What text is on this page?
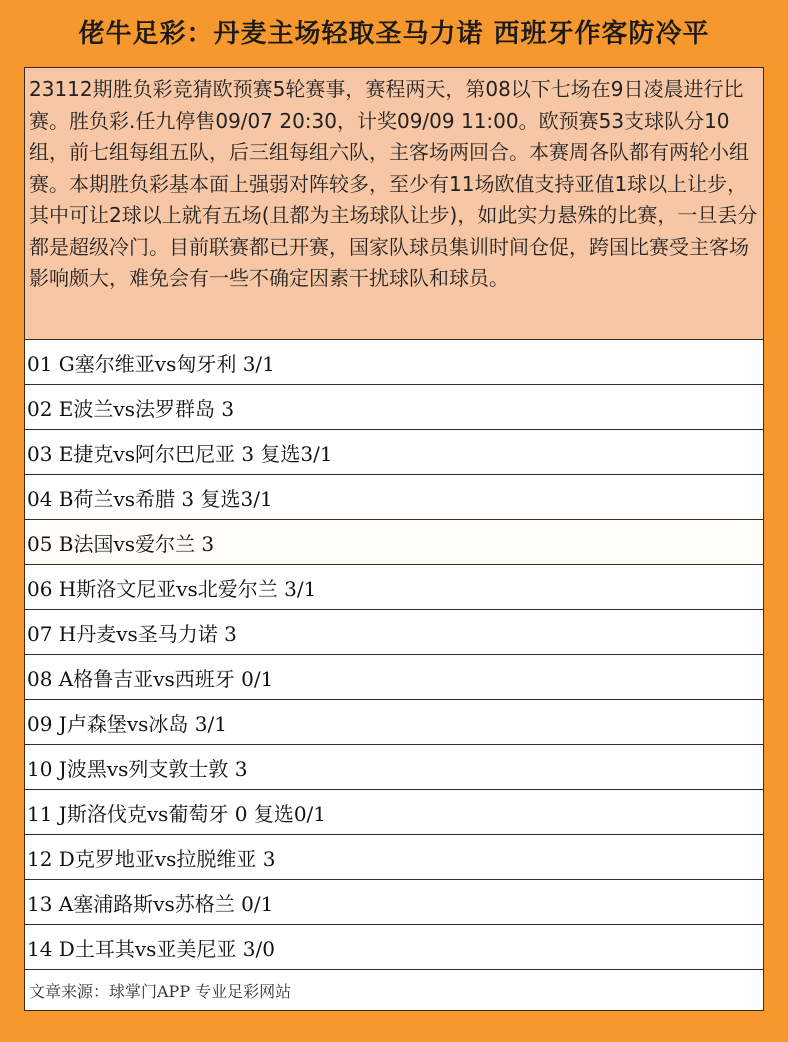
佬牛足彩：丹麦主场轻取圣马力诺 西班牙作客防冷平
23112期胜负彩竞猜欧预赛5轮赛事，赛程两天，第08以下七场在9日凌晨进行比赛。胜负彩.任九停售09/07 20:30，计奖09/09 11:00。欧预赛53支球队分10组，前七组每组五队，后三组每组六队，主客场两回合。本赛周各队都有两轮小组赛。本期胜负彩基本面上强弱对阵较多，至少有11场欧值支持亚值1球以上让步，其中可让2球以上就有五场(且都为主场球队让步)，如此实力悬殊的比赛，一旦丢分都是超级冷门。目前联赛都已开赛，国家队球员集训时间仓促，跨国比赛受主客场影响颇大，难免会有一些不确定因素干扰球队和球员。
01 G塞尔维亚vs匈牙利 3/1
02 E波兰vs法罗群岛 3
03 E捷克vs阿尔巴尼亚 3 复选3/1
04 B荷兰vs希腊 3 复选3/1
05 B法国vs爱尔兰 3
06 H斯洛文尼亚vs北爱尔兰 3/1
07 H丹麦vs圣马力诺 3
08 A格鲁吉亚vs西班牙 0/1
09 J卢森堡vs冰岛 3/1
10 J波黑vs列支敦士敦 3
11 J斯洛伐克vs葡萄牙 0 复选0/1
12 D克罗地亚vs拉脱维亚 3
13 A塞浦路斯vs苏格兰 0/1
14 D土耳其vs亚美尼亚 3/0
文章来源：球掌门APP 专业足彩网站
